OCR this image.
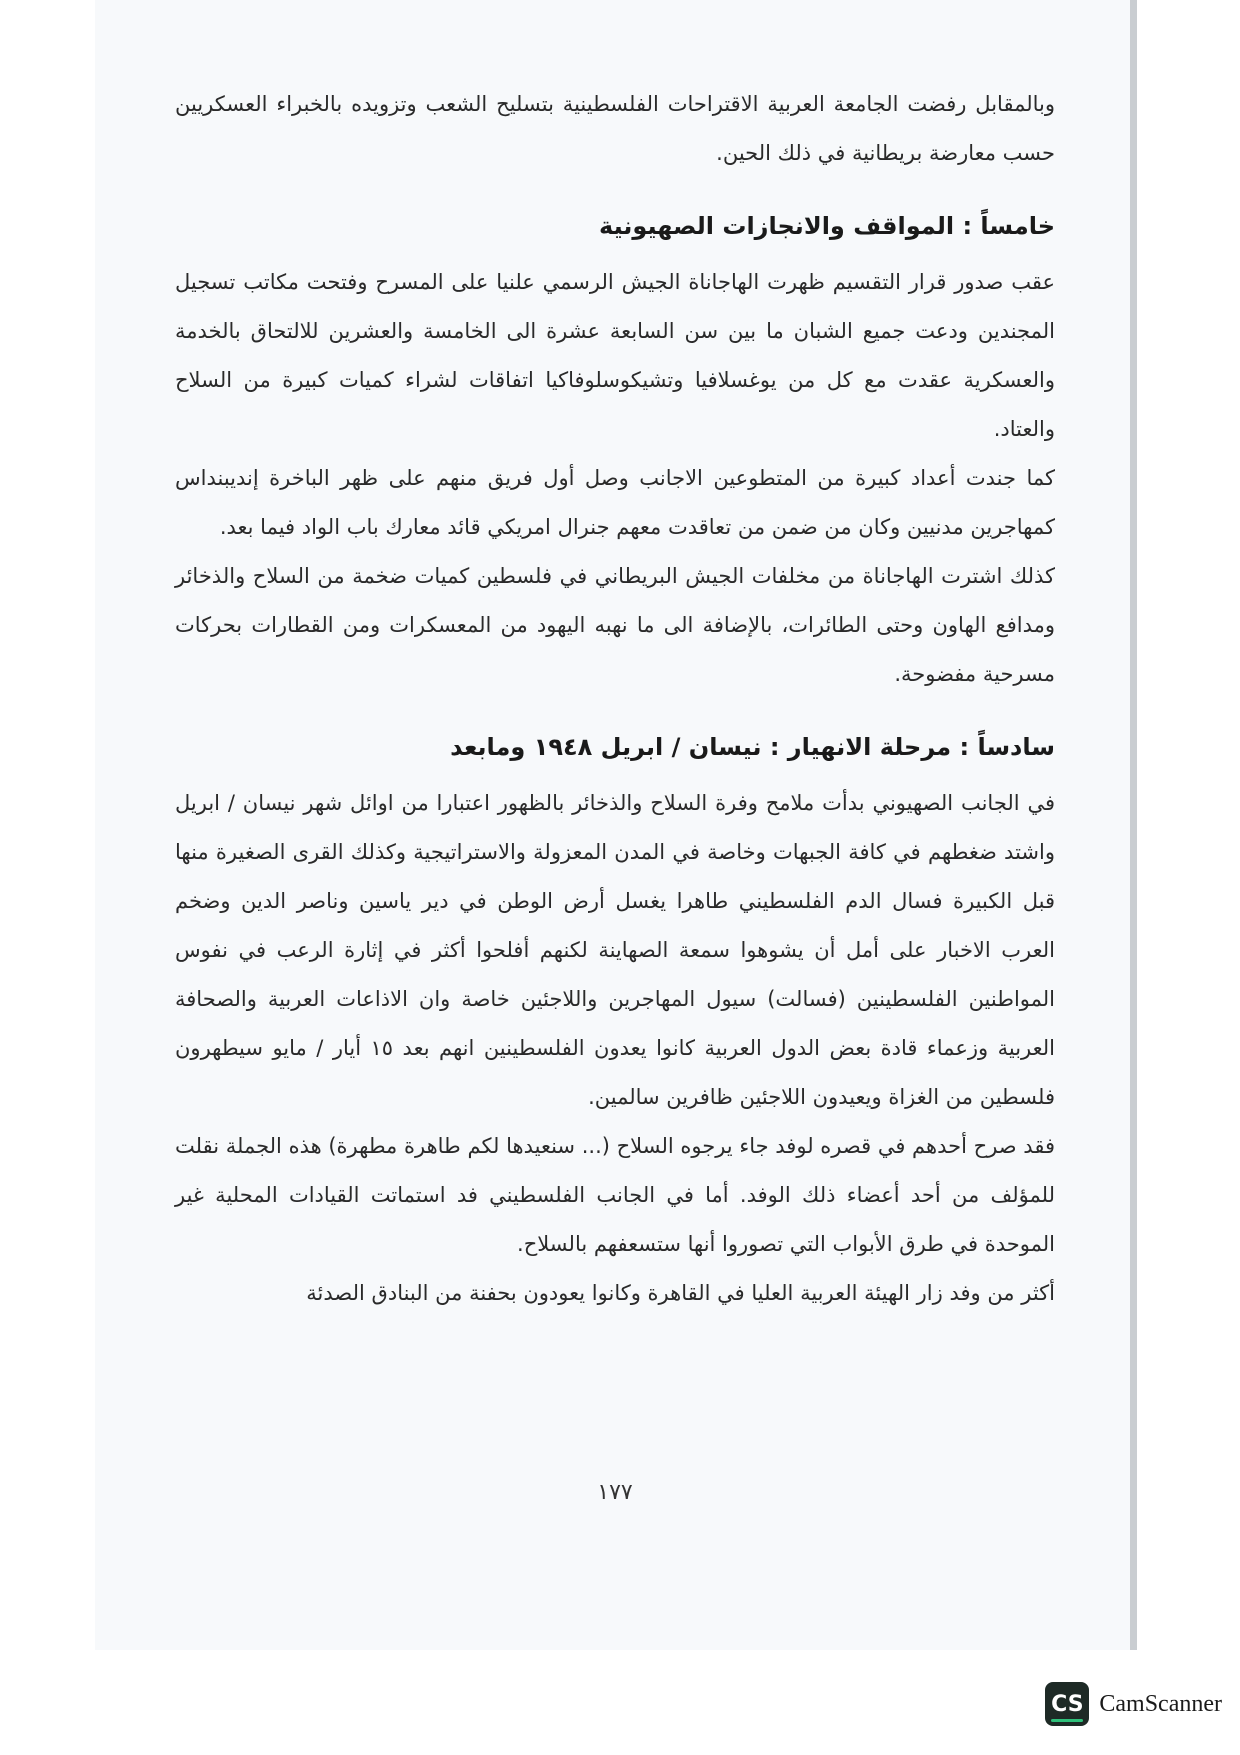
وبالمقابل رفضت الجامعة العربية الاقتراحات الفلسطينية بتسليح الشعب وتزويده بالخبراء العسكريين حسب معارضة بريطانية في ذلك الحين.

خامساً : المواقف والانجازات الصهيونية

عقب صدور قرار التقسيم ظهرت الهاجاناة الجيش الرسمي علنيا على المسرح وفتحت مكاتب تسجيل المجندين ودعت جميع الشبان ما بين سن السابعة عشرة الى الخامسة والعشرين للالتحاق بالخدمة والعسكرية عقدت مع كل من يوغسلافيا وتشيكوسلوفاكيا اتفاقات لشراء كميات كبيرة من السلاح والعتاد.

كما جندت أعداد كبيرة من المتطوعين الاجانب وصل أول فريق منهم على ظهر الباخرة إنديبنداس كمهاجرين مدنيين وكان من ضمن من تعاقدت معهم جنرال امريكي قائد معارك باب الواد فيما بعد.

كذلك اشترت الهاجاناة من مخلفات الجيش البريطاني في فلسطين كميات ضخمة من السلاح والذخائر ومدافع الهاون وحتى الطائرات، بالإضافة الى ما نهبه اليهود من المعسكرات ومن القطارات بحركات مسرحية مفضوحة.

سادساً : مرحلة الانهيار : نيسان / ابريل ١٩٤٨ ومابعد

في الجانب الصهيوني بدأت ملامح وفرة السلاح والذخائر بالظهور اعتبارا من اوائل شهر نيسان / ابريل واشتد ضغطهم في كافة الجبهات وخاصة في المدن المعزولة والاستراتيجية وكذلك القرى الصغيرة منها قبل الكبيرة فسال الدم الفلسطيني طاهرا يغسل أرض الوطن في دير ياسين وناصر الدين وضخم العرب الاخبار على أمل أن يشوهوا سمعة الصهاينة لكنهم أفلحوا أكثر في إثارة الرعب في نفوس المواطنين الفلسطينين (فسالت) سيول المهاجرين واللاجئين خاصة وان الاذاعات العربية والصحافة العربية وزعماء قادة بعض الدول العربية كانوا يعدون الفلسطينين انهم بعد ١٥ أيار / مايو سيطهرون فلسطين من الغزاة ويعيدون اللاجئين ظافرين سالمين.

فقد صرح أحدهم في قصره لوفد جاء يرجوه السلاح (... سنعيدها لكم طاهرة مطهرة) هذه الجملة نقلت للمؤلف من أحد أعضاء ذلك الوفد. أما في الجانب الفلسطيني فد استماتت القيادات المحلية غير الموحدة في طرق الأبواب التي تصوروا أنها ستسعفهم بالسلاح.

أكثر من وفد زار الهيئة العربية العليا في القاهرة وكانوا يعودون بحفنة من البنادق الصدئة

١٧٧
CS CamScanner
